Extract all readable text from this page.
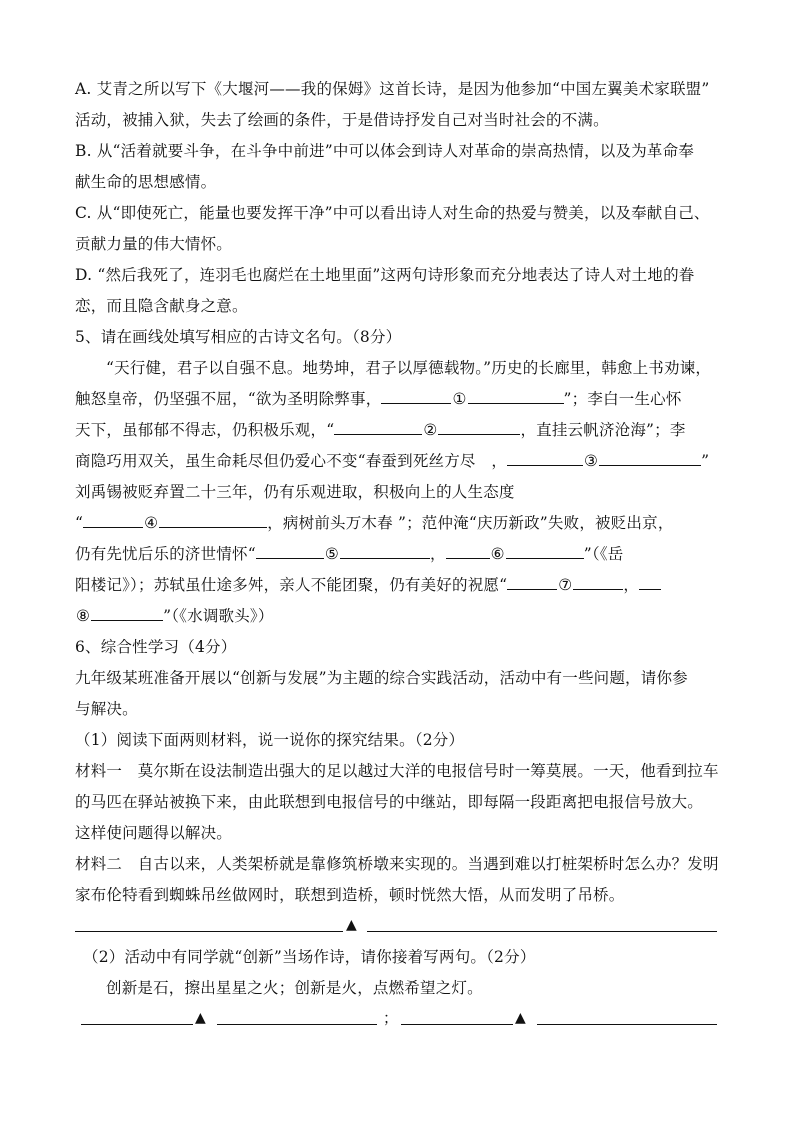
A. 艾青之所以写下《大堰河——我的保姆》这首长诗，是因为他参加“中国左翼美术家联盟”
活动，被捕入狱，失去了绘画的条件，于是借诗抒发自己对当时社会的不满。
B. 从“活着就要斗争，在斗争中前进”中可以体会到诗人对革命的崇高热情，以及为革命奉
献生命的思想感情。
C. 从“即使死亡，能量也要发挥干净”中可以看出诗人对生命的热爱与赞美，以及奉献自己、
贡献力量的伟大情怀。
D. “然后我死了，连羽毛也腐烂在土地里面”这两句诗形象而充分地表达了诗人对土地的眷
恋，而且隐含献身之意。
5、请在画线处填写相应的古诗文名句。（8分）
“天行健，君子以自强不息。地势坤，君子以厚德载物。”历史的长廊里，韩愈上书劝谏，
触怒皇帝，仍坚强不屈，“欲为圣明除弊事，	①	”；李白一生心怀
天下，虽郁郁不得志，仍积极乐观，“	②	，直挂云帆济沧海”；李
商隐巧用双关，虽生命耗尽但仍爱心不变“春蚕到死丝方尽　，	③	”
刘禹锡被贬弃置二十三年，仍有乐观进取，积极向上的人生态度
“	④	，病树前头万木春 ”；范仲淹“庆历新政”失败，被贬出京，
仍有先忧后乐的济世情怀“	⑤	，	⑥	”（《岳
阳楼记》）；苏轼虽仕途多舛，亲人不能团聚，仍有美好的祝愿“	⑦	，
⑧	”（《水调歌头》）
6、综合性学习（4分）
九年级某班准备开展以“创新与发展”为主题的综合实践活动，活动中有一些问题，请你参
与解决。
（1）阅读下面两则材料，说一说你的探究结果。（2分）
材料一　莫尔斯在设法制造出强大的足以越过大洋的电报信号时一筹莫展。一天，他看到拉车
的马匹在驿站被换下来，由此联想到电报信号的中继站，即每隔一段距离把电报信号放大。
这样使问题得以解决。
材料二　自古以来，人类架桥就是靠修筑桥墩来实现的。当遇到难以打桩架桥时怎么办？发明
家布伦特看到蜘蛛吊丝做网时，联想到造桥，顿时恍然大悟，从而发明了吊桥。
▲
（2）活动中有同学就“创新”当场作诗，请你接着写两句。（2分）
创新是石，擦出星星之火；创新是火，点燃希望之灯。
▲	；	▲
